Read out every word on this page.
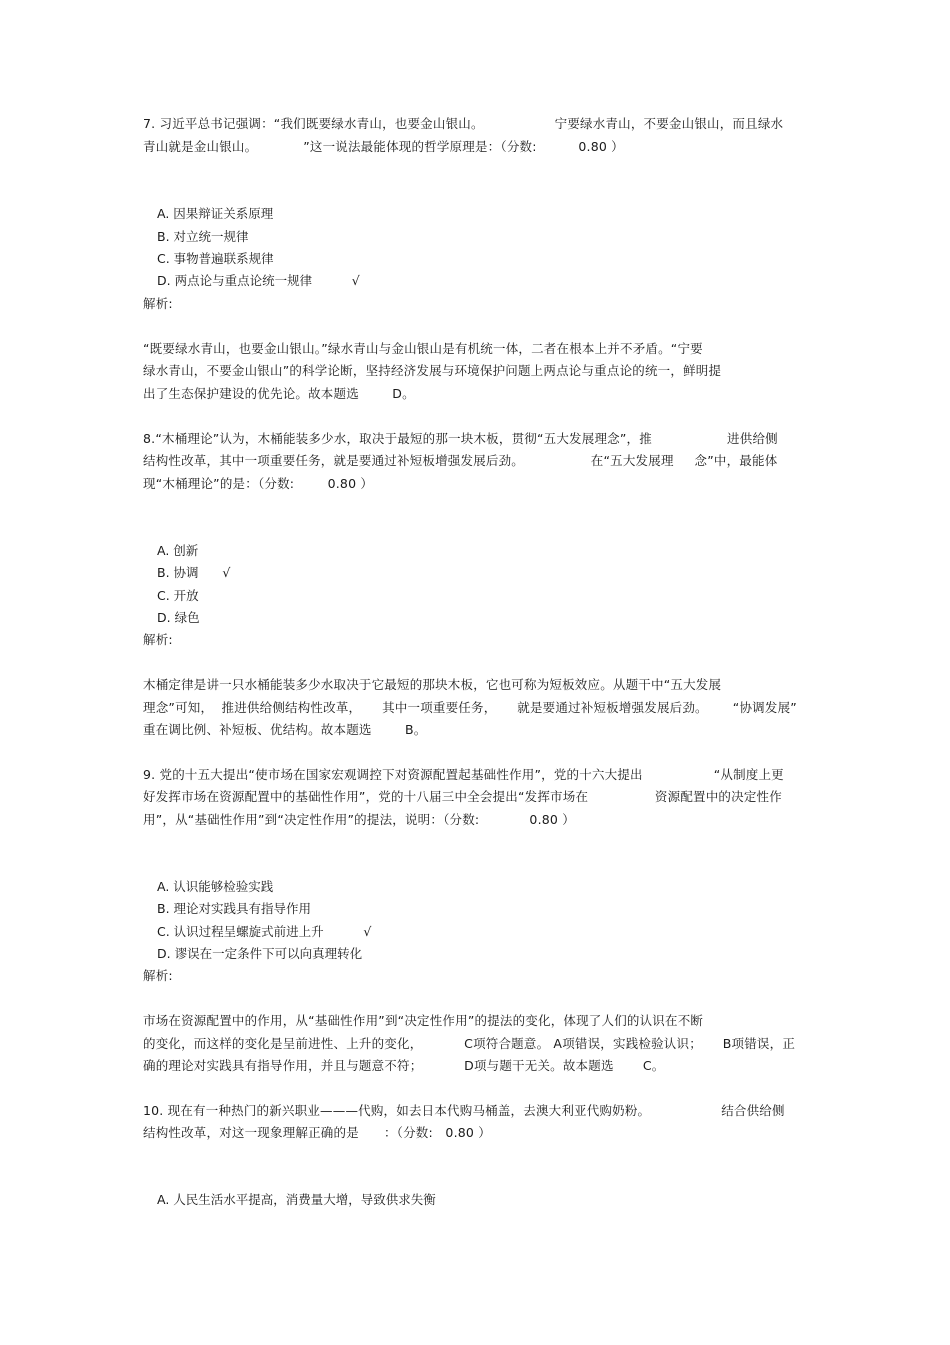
7. 习近平总书记强调：“我们既要绿水青山，也要金山银山。                 宁要绿水青山，不要金山银山，而且绿水
青山就是金山银山。           ”这一说法最能体现的哲学原理是：（分数:          0.80 ）
A. 因果辩证关系原理
B. 对立统一规律
C. 事物普遍联系规律
D. 两点论与重点论统一规律          √
解析:
“既要绿水青山，也要金山银山。”绿水青山与金山银山是有机统一体，二者在根本上并不矛盾。“宁要
绿水青山，不要金山银山”的科学论断，坚持经济发展与环境保护问题上两点论与重点论的统一，鲜明提
出了生态保护建设的优先论。故本题选        D。
8.“木桶理论”认为，木桶能装多少水，取决于最短的那一块木板，贯彻“五大发展理念”，推                  进供给侧
结构性改革，其中一项重要任务，就是要通过补短板增强发展后劲。                在“五大发展理     念”中，最能体
现“木桶理论”的是：（分数:        0.80 ）
A. 创新
B. 协调      √
C. 开放
D. 绿色
解析:
木桶定律是讲一只水桶能装多少水取决于它最短的那块木板，它也可称为短板效应。从题干中“五大发展
理念”可知，  推进供给侧结构性改革，     其中一项重要任务，     就是要通过补短板增强发展后劲。      “协调发展”
重在调比例、补短板、优结构。故本题选        B。
9. 党的十五大提出“使市场在国家宏观调控下对资源配置起基础性作用”，党的十六大提出                 “从制度上更
好发挥市场在资源配置中的基础性作用”，党的十八届三中全会提出“发挥市场在                资源配置中的决定性作
用”，从“基础性作用”到“决定性作用”的提法，说明：（分数:            0.80 ）
A. 认识能够检验实践
B. 理论对实践具有指导作用
C. 认识过程呈螺旋式前进上升          √
D. 谬误在一定条件下可以向真理转化
解析:
市场在资源配置中的作用，从“基础性作用”到“决定性作用”的提法的变化，体现了人们的认识在不断
的变化，而这样的变化是呈前进性、上升的变化，          C项符合题意。 A项错误，实践检验认识；     B项错误，正
确的理论对实践具有指导作用，并且与题意不符；          D项与题干无关。故本题选       C。
10. 现在有一种热门的新兴职业———代购，如去日本代购马桶盖，去澳大利亚代购奶粉。                 结合供给侧
结构性改革，对这一现象理解正确的是      ：（分数:   0.80 ）
A. 人民生活水平提高，消费量大增，导致供求失衡
